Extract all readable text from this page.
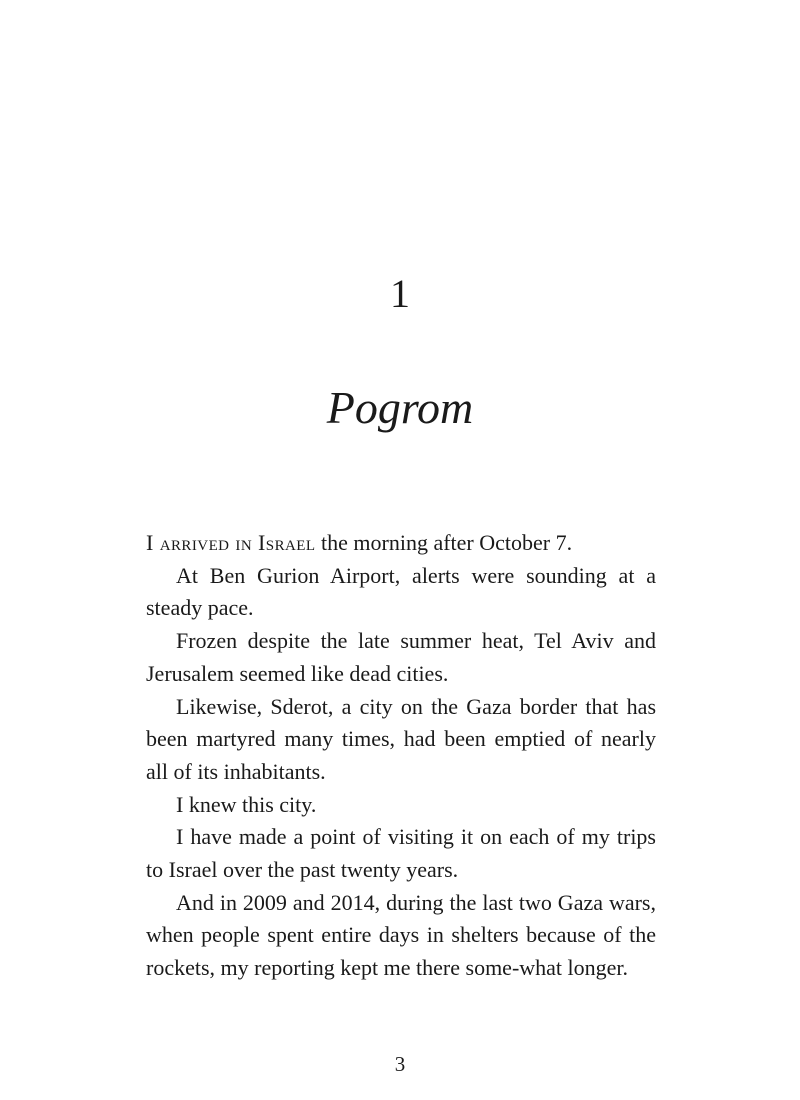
1
Pogrom

I arrived in Israel the morning after October 7.

At Ben Gurion Airport, alerts were sounding at a steady pace.

Frozen despite the late summer heat, Tel Aviv and Jerusalem seemed like dead cities.

Likewise, Sderot, a city on the Gaza border that has been martyred many times, had been emptied of nearly all of its inhabitants.

I knew this city.

I have made a point of visiting it on each of my trips to Israel over the past twenty years.

And in 2009 and 2014, during the last two Gaza wars, when people spent entire days in shelters because of the rockets, my reporting kept me there some-what longer.

3
